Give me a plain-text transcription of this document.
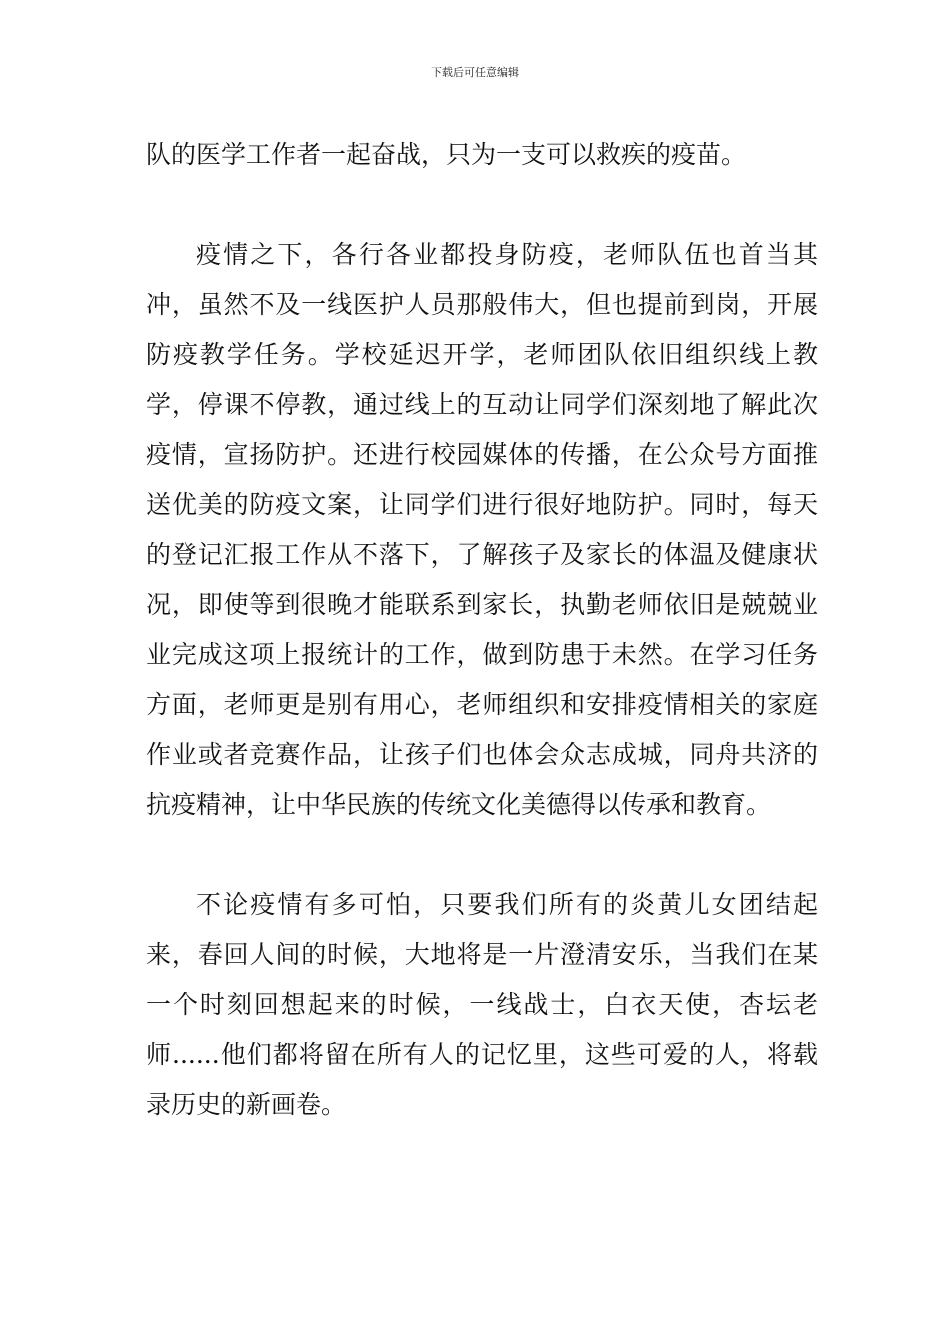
下载后可任意编辑

队的医学工作者一起奋战，只为一支可以救疾的疫苗。

疫情之下，各行各业都投身防疫，老师队伍也首当其冲，虽然不及一线医护人员那般伟大，但也提前到岗，开展防疫教学任务。学校延迟开学，老师团队依旧组织线上教学，停课不停教，通过线上的互动让同学们深刻地了解此次疫情，宣扬防护。还进行校园媒体的传播，在公众号方面推送优美的防疫文案，让同学们进行很好地防护。同时，每天的登记汇报工作从不落下，了解孩子及家长的体温及健康状况，即使等到很晚才能联系到家长，执勤老师依旧是兢兢业业完成这项上报统计的工作，做到防患于未然。在学习任务方面，老师更是别有用心，老师组织和安排疫情相关的家庭作业或者竞赛作品，让孩子们也体会众志成城，同舟共济的抗疫精神，让中华民族的传统文化美德得以传承和教育。

不论疫情有多可怕，只要我们所有的炎黄儿女团结起来，春回人间的时候，大地将是一片澄清安乐，当我们在某一个时刻回想起来的时候，一线战士，白衣天使，杏坛老师......他们都将留在所有人的记忆里，这些可爱的人，将载录历史的新画卷。
